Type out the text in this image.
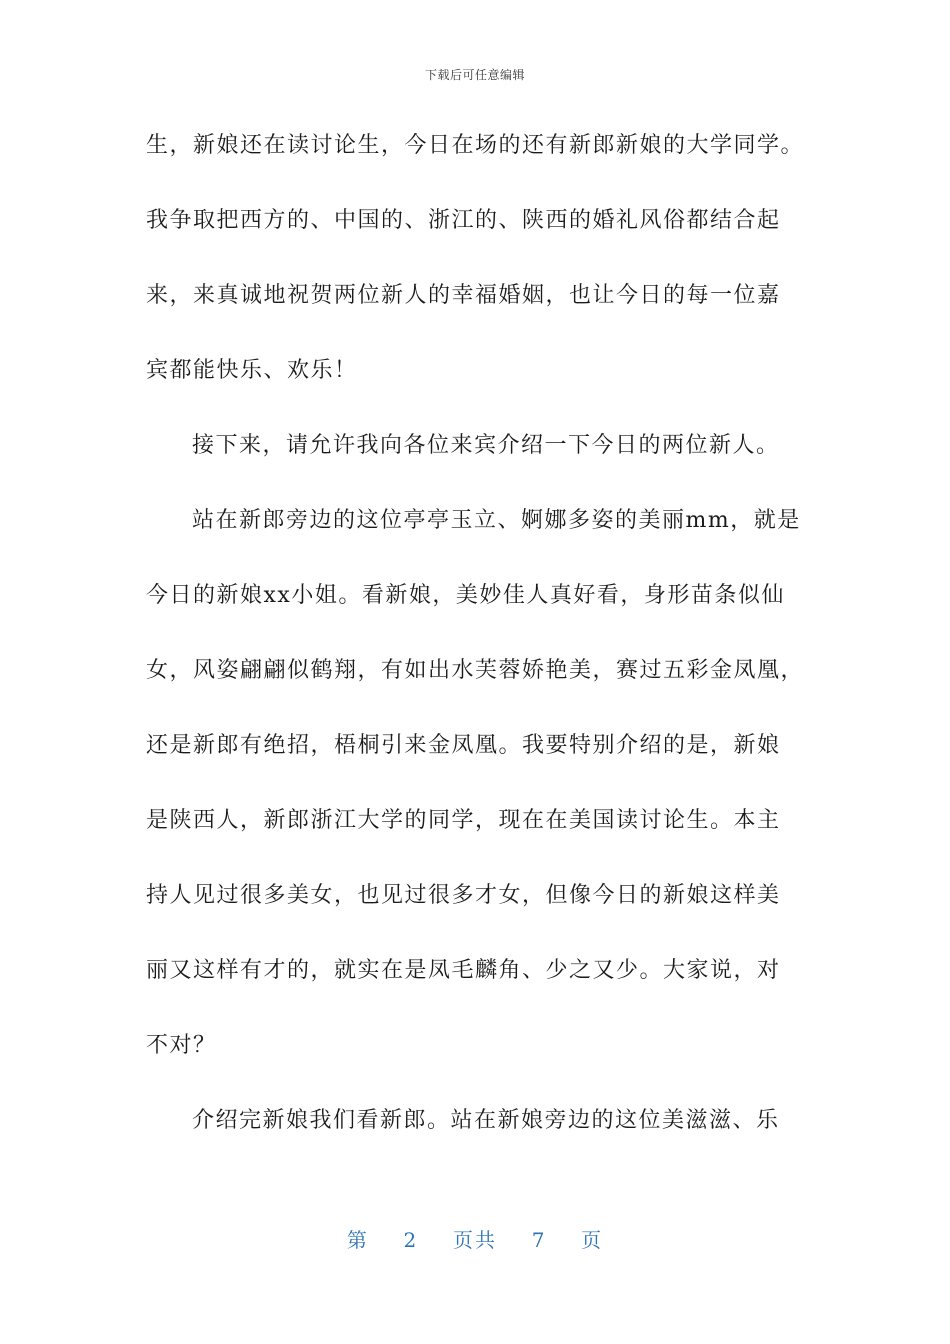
下载后可任意编辑
生，新娘还在读讨论生，今日在场的还有新郎新娘的大学同学。
我争取把西方的、中国的、浙江的、陕西的婚礼风俗都结合起
来，来真诚地祝贺两位新人的幸福婚姻，也让今日的每一位嘉
宾都能快乐、欢乐！
接下来，请允许我向各位来宾介绍一下今日的两位新人。
站在新郎旁边的这位亭亭玉立、婀娜多姿的美丽mm，就是
今日的新娘xx小姐。看新娘，美妙佳人真好看，身形苗条似仙
女，风姿翩翩似鹤翔，有如出水芙蓉娇艳美，赛过五彩金凤凰，
还是新郎有绝招，梧桐引来金凤凰。我要特别介绍的是，新娘
是陕西人，新郎浙江大学的同学，现在在美国读讨论生。本主
持人见过很多美女，也见过很多才女，但像今日的新娘这样美
丽又这样有才的，就实在是凤毛麟角、少之又少。大家说，对
不对？
介绍完新娘我们看新郎。站在新娘旁边的这位美滋滋、乐
第 2 页共 7 页
